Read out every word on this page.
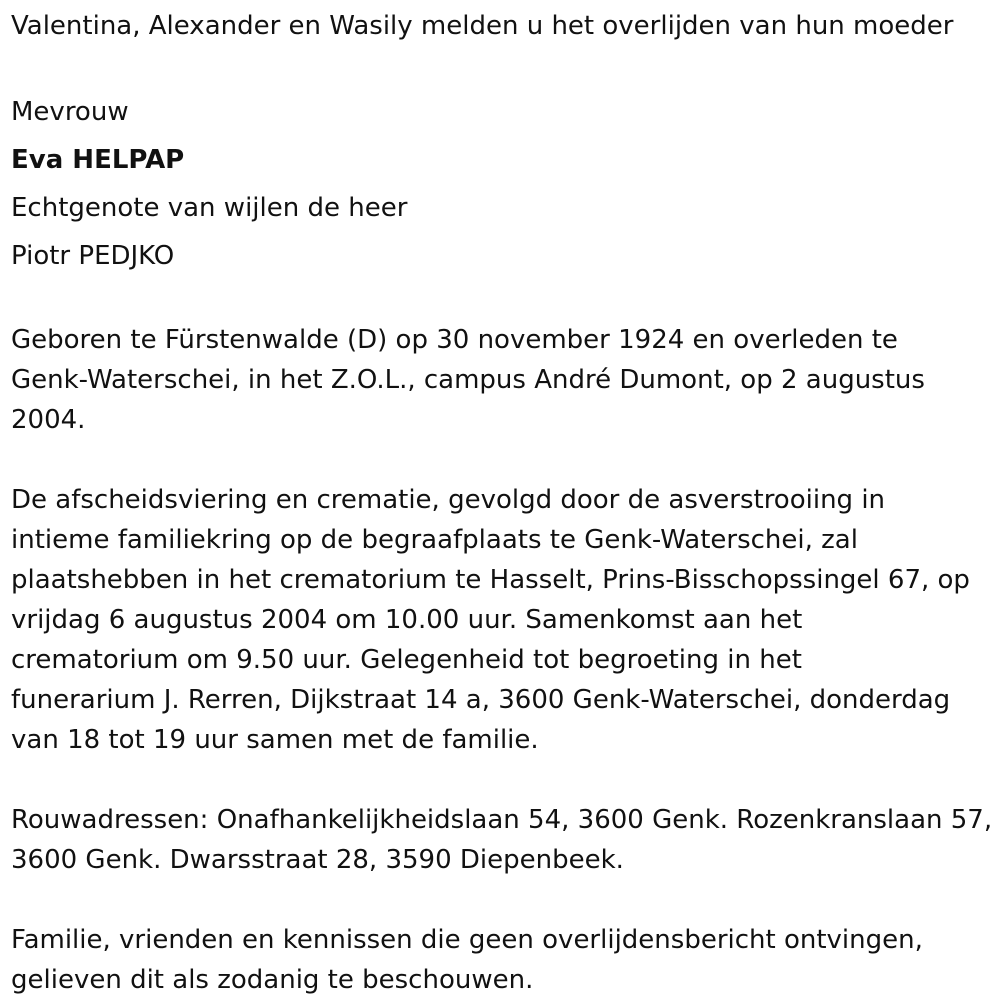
Valentina, Alexander en Wasily melden u het overlijden van hun moeder

Mevrouw

Eva HELPAP

Echtgenote van wijlen de heer

Piotr PEDJKO

Geboren te Fürstenwalde (D) op 30 november 1924 en overleden te

Genk-Waterschei, in het Z.O.L., campus André Dumont, op 2 augustus

2004.

De afscheidsviering en crematie, gevolgd door de asverstrooiing in

intieme familiekring op de begraafplaats te Genk-Waterschei, zal

plaatshebben in het crematorium te Hasselt, Prins-Bisschopssingel 67, op

vrijdag 6 augustus 2004 om 10.00 uur. Samenkomst aan het

crematorium om 9.50 uur. Gelegenheid tot begroeting in het

funerarium J. Rerren, Dijkstraat 14 a, 3600 Genk-Waterschei, donderdag

van 18 tot 19 uur samen met de familie.

Rouwadressen: Onafhankelijkheidslaan 54, 3600 Genk. Rozenkranslaan 57,

3600 Genk. Dwarsstraat 28, 3590 Diepenbeek.

Familie, vrienden en kennissen die geen overlijdensbericht ontvingen,

gelieven dit als zodanig te beschouwen.
